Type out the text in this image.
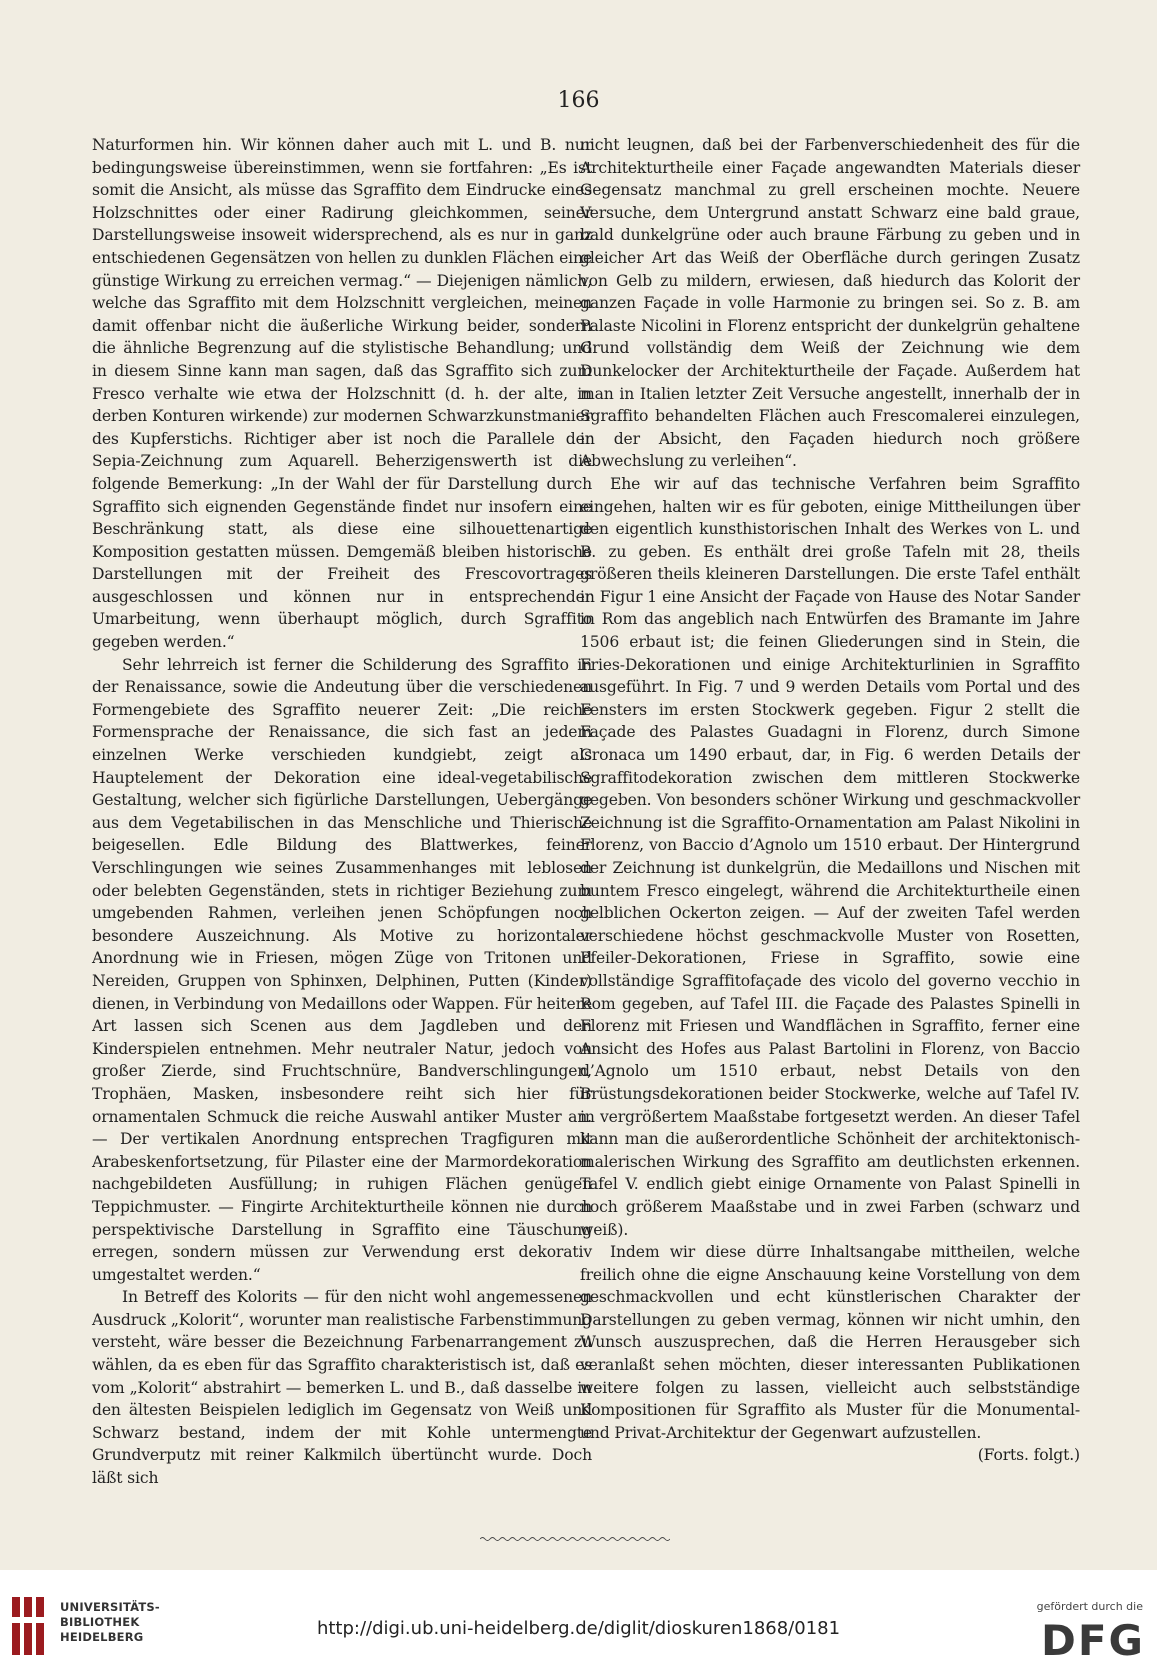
166

Naturformen hin. Wir können daher auch mit L. und B. nur bedingungsweise übereinstimmen, wenn sie fortfahren: „Es ist somit die Ansicht, als müsse das Sgraffito dem Eindrucke eines Holzschnittes oder einer Radirung gleichkommen, seiner Darstellungsweise insoweit widersprechend, als es nur in ganz entschiedenen Gegensätzen von hellen zu dunklen Flächen eine günstige Wirkung zu erreichen vermag.“ — Diejenigen nämlich, welche das Sgraffito mit dem Holzschnitt vergleichen, meinen damit offenbar nicht die äußerliche Wirkung beider, sondern die ähnliche Begrenzung auf die stylistische Behandlung; und in diesem Sinne kann man sagen, daß das Sgraffito sich zum Fresco verhalte wie etwa der Holzschnitt (d. h. der alte, in derben Konturen wirkende) zur modernen Schwarzkunstmanier des Kupferstichs. Richtiger aber ist noch die Parallele der Sepia-Zeichnung zum Aquarell. Beherzigenswerth ist die folgende Bemerkung: „In der Wahl der für Darstellung durch Sgraffito sich eignenden Gegenstände findet nur insofern eine Beschränkung statt, als diese eine silhouettenartige Komposition gestatten müssen. Demgemäß bleiben historische Darstellungen mit der Freiheit des Frescovortrages ausgeschlossen und können nur in entsprechender Umarbeitung, wenn überhaupt möglich, durch Sgraffito gegeben werden.“

Sehr lehrreich ist ferner die Schilderung des Sgraffito in der Renaissance, sowie die Andeutung über die verschiedenen Formengebiete des Sgraffito neuerer Zeit: „Die reiche Formensprache der Renaissance, die sich fast an jedem einzelnen Werke verschieden kundgiebt, zeigt als Hauptelement der Dekoration eine ideal-vegetabilische Gestaltung, welcher sich figürliche Darstellungen, Uebergänge aus dem Vegetabilischen in das Menschliche und Thierische beigesellen. Edle Bildung des Blattwerkes, feiner Verschlingungen wie seines Zusammenhanges mit leblosen oder belebten Gegenständen, stets in richtiger Beziehung zum umgebenden Rahmen, verleihen jenen Schöpfungen noch besondere Auszeichnung. Als Motive zu horizontaler Anordnung wie in Friesen, mögen Züge von Tritonen und Nereiden, Gruppen von Sphinxen, Delphinen, Putten (Kinder) dienen, in Verbindung von Medaillons oder Wappen. Für heitere Art lassen sich Scenen aus dem Jagdleben und den Kinderspielen entnehmen. Mehr neutraler Natur, jedoch von großer Zierde, sind Fruchtschnüre, Bandverschlingungen, Trophäen, Masken, insbesondere reiht sich hier für ornamentalen Schmuck die reiche Auswahl antiker Muster an. — Der vertikalen Anordnung entsprechen Tragfiguren mit Arabeskenfortsetzung, für Pilaster eine der Marmordekoration nachgebildeten Ausfüllung; in ruhigen Flächen genügen Teppichmuster. — Fingirte Architekturtheile können nie durch perspektivische Darstellung in Sgraffito eine Täuschung erregen, sondern müssen zur Verwendung erst dekorativ umgestaltet werden.“

In Betreff des Kolorits — für den nicht wohl angemessenen Ausdruck „Kolorit“, worunter man realistische Farbenstimmung versteht, wäre besser die Bezeichnung Farbenarrangement zu wählen, da es eben für das Sgraffito charakteristisch ist, daß es vom „Kolorit“ abstrahirt — bemerken L. und B., daß dasselbe in den ältesten Beispielen lediglich im Gegensatz von Weiß und Schwarz bestand, indem der mit Kohle untermengte Grundverputz mit reiner Kalkmilch übertüncht wurde. Doch läßt sich

nicht leugnen, daß bei der Farbenverschiedenheit des für die Architekturtheile einer Façade angewandten Materials dieser Gegensatz manchmal zu grell erscheinen mochte. Neuere Versuche, dem Untergrund anstatt Schwarz eine bald graue, bald dunkelgrüne oder auch braune Färbung zu geben und in gleicher Art das Weiß der Oberfläche durch geringen Zusatz von Gelb zu mildern, erwiesen, daß hiedurch das Kolorit der ganzen Façade in volle Harmonie zu bringen sei. So z. B. am Palaste Nicolini in Florenz entspricht der dunkelgrün gehaltene Grund vollständig dem Weiß der Zeichnung wie dem Dunkelocker der Architekturtheile der Façade. Außerdem hat man in Italien letzter Zeit Versuche angestellt, innerhalb der in Sgraffito behandelten Flächen auch Frescomalerei einzulegen, in der Absicht, den Façaden hiedurch noch größere Abwechslung zu verleihen“.

Ehe wir auf das technische Verfahren beim Sgraffito eingehen, halten wir es für geboten, einige Mittheilungen über den eigentlich kunsthistorischen Inhalt des Werkes von L. und B. zu geben. Es enthält drei große Tafeln mit 28, theils größeren theils kleineren Darstellungen. Die erste Tafel enthält in Figur 1 eine Ansicht der Façade von Hause des Notar Sander in Rom das angeblich nach Entwürfen des Bramante im Jahre 1506 erbaut ist; die feinen Gliederungen sind in Stein, die Fries-Dekorationen und einige Architekturlinien in Sgraffito ausgeführt. In Fig. 7 und 9 werden Details vom Portal und des Fensters im ersten Stockwerk gegeben. Figur 2 stellt die Façade des Palastes Guadagni in Florenz, durch Simone Cronaca um 1490 erbaut, dar, in Fig. 6 werden Details der Sgraffitodekoration zwischen dem mittleren Stockwerke gegeben. Von besonders schöner Wirkung und geschmackvoller Zeichnung ist die Sgraffito-Ornamentation am Palast Nikolini in Florenz, von Baccio d’Agnolo um 1510 erbaut. Der Hintergrund der Zeichnung ist dunkelgrün, die Medaillons und Nischen mit buntem Fresco eingelegt, während die Architekturtheile einen gelblichen Ockerton zeigen. — Auf der zweiten Tafel werden verschiedene höchst geschmackvolle Muster von Rosetten, Pfeiler-Dekorationen, Friese in Sgraffito, sowie eine vollständige Sgraffitofaçade des vicolo del governo vecchio in Rom gegeben, auf Tafel III. die Façade des Palastes Spinelli in Florenz mit Friesen und Wandflächen in Sgraffito, ferner eine Ansicht des Hofes aus Palast Bartolini in Florenz, von Baccio d’Agnolo um 1510 erbaut, nebst Details von den Brüstungsdekorationen beider Stockwerke, welche auf Tafel IV. in vergrößertem Maaßstabe fortgesetzt werden. An dieser Tafel kann man die außerordentliche Schönheit der architektonisch-malerischen Wirkung des Sgraffito am deutlichsten erkennen. Tafel V. endlich giebt einige Ornamente von Palast Spinelli in noch größerem Maaßstabe und in zwei Farben (schwarz und weiß).

Indem wir diese dürre Inhaltsangabe mittheilen, welche freilich ohne die eigne Anschauung keine Vorstellung von dem geschmackvollen und echt künstlerischen Charakter der Darstellungen zu geben vermag, können wir nicht umhin, den Wunsch auszusprechen, daß die Herren Herausgeber sich veranlaßt sehen möchten, dieser interessanten Publikationen weitere folgen zu lassen, vielleicht auch selbstständige Kompositionen für Sgraffito als Muster für die Monumental- und Privat-Architektur der Gegenwart aufzustellen.
(Forts. folgt.)

UNIVERSITÄTS-
BIBLIOTHEK
HEIDELBERG	http://digi.ub.uni-heidelberg.de/diglit/dioskuren1868/0181
gefördert durch die
DFG
